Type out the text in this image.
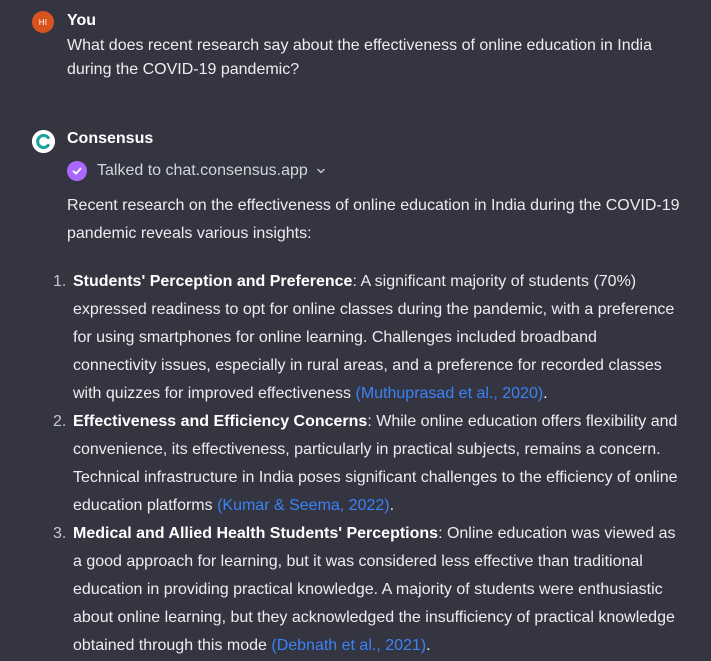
HI You
What does recent research say about the effectiveness of online education in India during the COVID-19 pandemic?
Consensus
Talked to chat.consensus.app
Recent research on the effectiveness of online education in India during the COVID-19 pandemic reveals various insights:
1. Students' Perception and Preference: A significant majority of students (70%) expressed readiness to opt for online classes during the pandemic, with a preference for using smartphones for online learning. Challenges included broadband connectivity issues, especially in rural areas, and a preference for recorded classes with quizzes for improved effectiveness (Muthuprasad et al., 2020).
2. Effectiveness and Efficiency Concerns: While online education offers flexibility and convenience, its effectiveness, particularly in practical subjects, remains a concern. Technical infrastructure in India poses significant challenges to the efficiency of online education platforms (Kumar & Seema, 2022).
3. Medical and Allied Health Students' Perceptions: Online education was viewed as a good approach for learning, but it was considered less effective than traditional education in providing practical knowledge. A majority of students were enthusiastic about online learning, but they acknowledged the insufficiency of practical knowledge obtained through this mode (Debnath et al., 2021).
